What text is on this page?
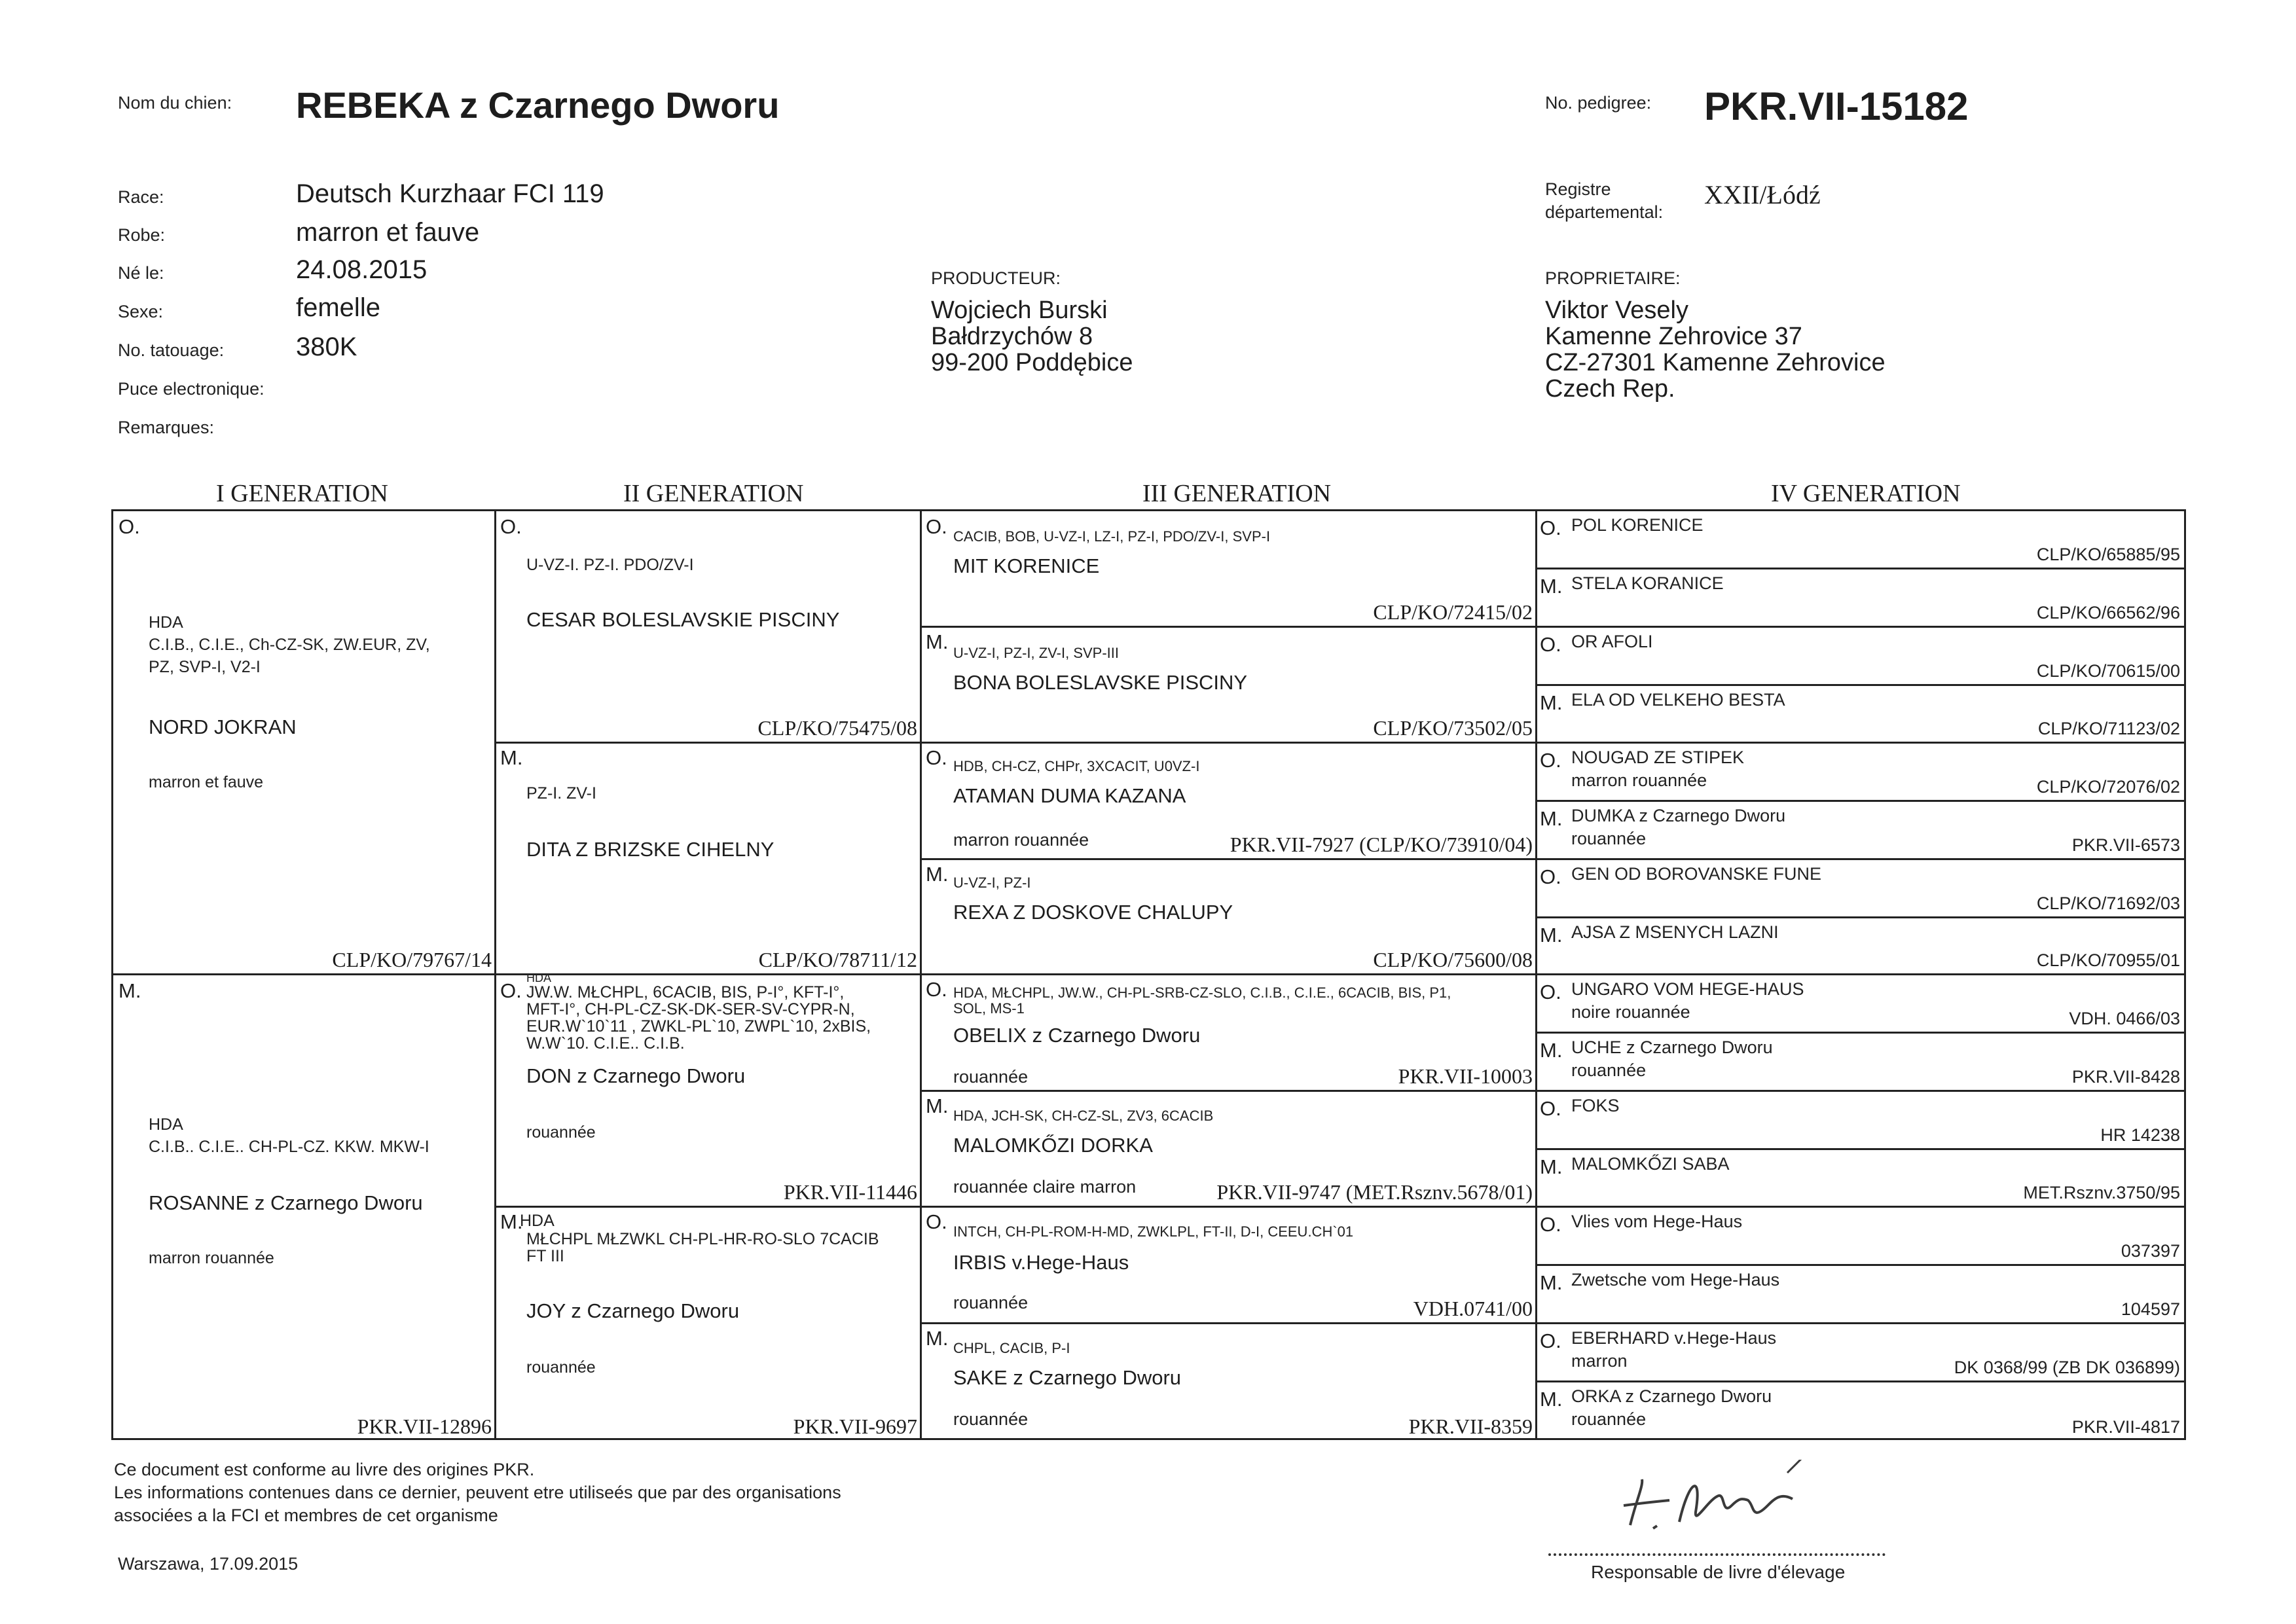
Nom du chien: REBEKA z Czarnego Dworu	No. pedigree: PKR.VII-15182
Race:	Deutsch Kurzhaar FCI 119
Robe:	marron et fauve
Né le:	24.08.2015
Sexe:	femelle
No. tatouage:	380K
Puce electronique:
Remarques:
Registre
départemental:
XXII/Łódź
PRODUCTEUR:
Wojciech Burski
Bałdrzychów 8
99-200 Poddębice
PROPRIETAIRE:
Viktor Vesely
Kamenne Zehrovice 37
CZ-27301 Kamenne Zehrovice
Czech Rep.
I GENERATION	II GENERATION	III GENERATION	IV GENERATION
O.
HDA
C.I.B., C.I.E., Ch-CZ-SK, ZW.EUR, ZV,
PZ, SVP-I, V2-I
NORD JOKRAN
marron et fauve
CLP/KO/79767/14
M.
HDA
C.I.B.. C.I.E.. CH-PL-CZ. KKW. MKW-I
ROSANNE z Czarnego Dworu
marron rouannée
PKR.VII-12896
O.
U-VZ-I. PZ-I. PDO/ZV-I
CESAR BOLESLAVSKIE PISCINY
CLP/KO/75475/08
M.
PZ-I. ZV-I
DITA Z BRIZSKE CIHELNY
CLP/KO/78711/12
O.
HDA
JW.W. MŁCHPL, 6CACIB, BIS, P-I°, KFT-I°,
MFT-I°, CH-PL-CZ-SK-DK-SER-SV-CYPR-N,
EUR.W`10`11 , ZWKL-PL`10, ZWPL`10, 2xBIS,
W.W`10. C.I.E.. C.I.B.
DON z Czarnego Dworu
rouannée
PKR.VII-11446
M.
HDA
MŁCHPL MŁZWKL CH-PL-HR-RO-SLO 7CACIB
FT III
JOY z Czarnego Dworu
rouannée
PKR.VII-9697
O. CACIB, BOB, U-VZ-I, LZ-I, PZ-I, PDO/ZV-I, SVP-I
MIT KORENICE
CLP/KO/72415/02
M. U-VZ-I, PZ-I, ZV-I, SVP-III
BONA BOLESLAVSKE PISCINY
CLP/KO/73502/05
O. HDB, CH-CZ, CHPr, 3XCACIT, U0VZ-I
ATAMAN DUMA KAZANA
marron rouannée	PKR.VII-7927 (CLP/KO/73910/04)
M. U-VZ-I, PZ-I
REXA Z DOSKOVE CHALUPY
CLP/KO/75600/08
O. HDA, MŁCHPL, JW.W., CH-PL-SRB-CZ-SLO, C.I.B., C.I.E., 6CACIB, BIS, P1,
SOL, MS-1
OBELIX z Czarnego Dworu
rouannée	PKR.VII-10003
M. HDA, JCH-SK, CH-CZ-SL, ZV3, 6CACIB
MALOMKŐZI DORKA
rouannée claire marron	PKR.VII-9747 (MET.Rsznv.5678/01)
O. INTCH, CH-PL-ROM-H-MD, ZWKLPL, FT-II, D-I, CEEU.CH`01
IRBIS v.Hege-Haus
rouannée	VDH.0741/00
M. CHPL, CACIB, P-I
SAKE z Czarnego Dworu
rouannée	PKR.VII-8359
O. POL KORENICE
CLP/KO/65885/95
M. STELA KORANICE
CLP/KO/66562/96
O. OR AFOLI
CLP/KO/70615/00
M. ELA OD VELKEHO BESTA
CLP/KO/71123/02
O. NOUGAD ZE STIPEK
marron rouannée	CLP/KO/72076/02
M. DUMKA z Czarnego Dworu
rouannée	PKR.VII-6573
O. GEN OD BOROVANSKE FUNE
CLP/KO/71692/03
M. AJSA Z MSENYCH LAZNI
CLP/KO/70955/01
O. UNGARO VOM HEGE-HAUS
noire rouannée	VDH. 0466/03
M. UCHE z Czarnego Dworu
rouannée	PKR.VII-8428
O. FOKS
HR 14238
M. MALOMKŐZI SABA
MET.Rsznv.3750/95
O. Vlies vom Hege-Haus
037397
M. Zwetsche vom Hege-Haus
104597
O. EBERHARD v.Hege-Haus
marron	DK 0368/99 (ZB DK 036899)
M. ORKA z Czarnego Dworu
rouannée	PKR.VII-4817
Ce document est conforme au livre des origines PKR.
Les informations contenues dans ce dernier, peuvent etre utiliseés que par des organisations
associées a la FCI et membres de cet organisme
Warszawa, 17.09.2015	Responsable de livre d'élevage
